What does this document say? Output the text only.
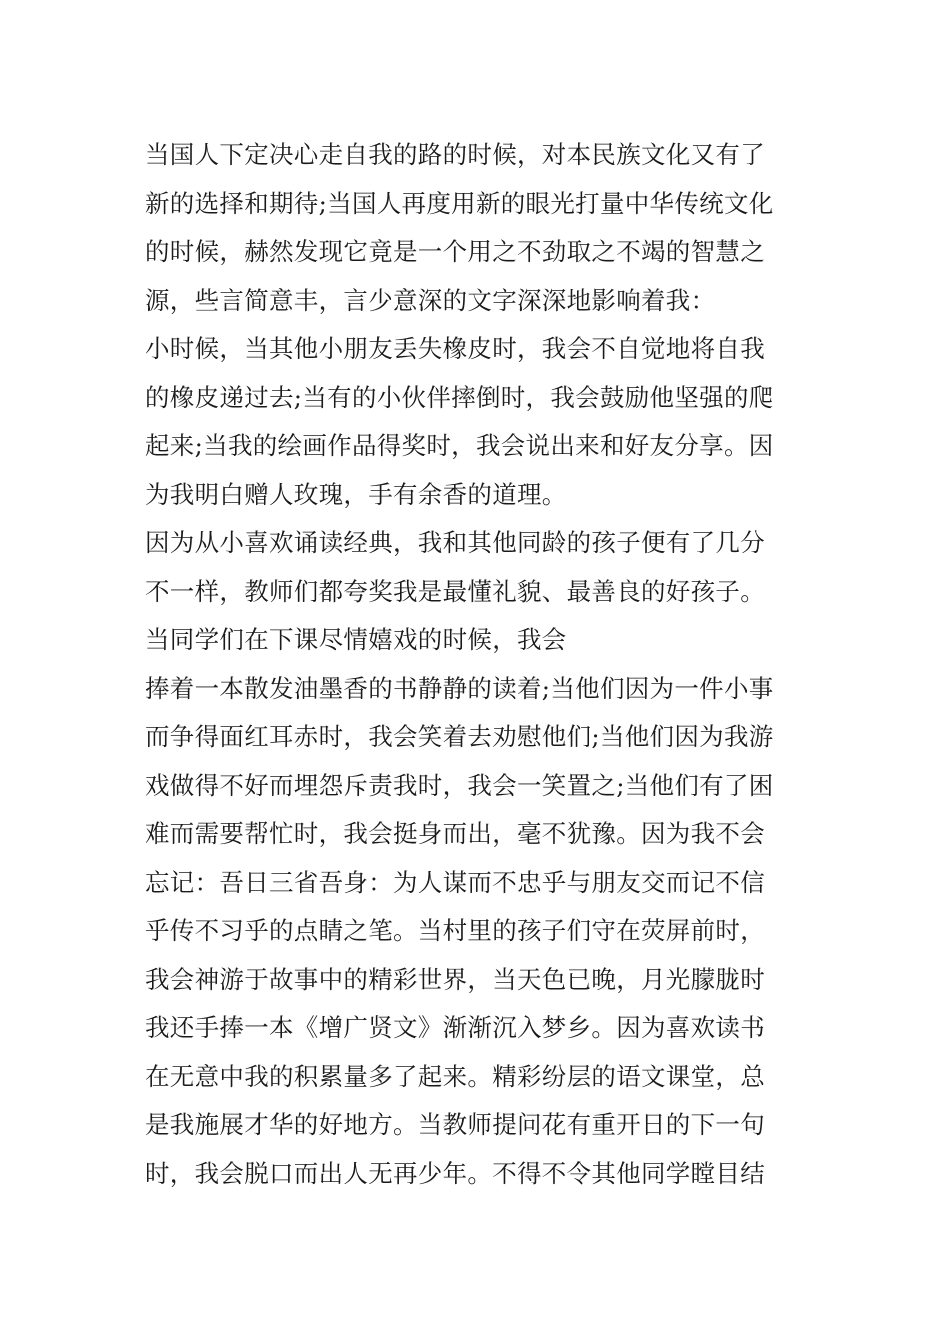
当国人下定决心走自我的路的时候，对本民族文化又有了
新的选择和期待;当国人再度用新的眼光打量中华传统文化
的时候，赫然发现它竟是一个用之不劲取之不竭的智慧之
源，些言简意丰，言少意深的文字深深地影响着我：
小时候，当其他小朋友丢失橡皮时，我会不自觉地将自我
的橡皮递过去;当有的小伙伴摔倒时，我会鼓励他坚强的爬
起来;当我的绘画作品得奖时，我会说出来和好友分享。因
为我明白赠人玫瑰，手有余香的道理。
因为从小喜欢诵读经典，我和其他同龄的孩子便有了几分
不一样，教师们都夸奖我是最懂礼貌、最善良的好孩子。
当同学们在下课尽情嬉戏的时候，我会
捧着一本散发油墨香的书静静的读着;当他们因为一件小事
而争得面红耳赤时，我会笑着去劝慰他们;当他们因为我游
戏做得不好而埋怨斥责我时，我会一笑置之;当他们有了困
难而需要帮忙时，我会挺身而出，毫不犹豫。因为我不会
忘记：吾日三省吾身：为人谋而不忠乎与朋友交而记不信
乎传不习乎的点睛之笔。当村里的孩子们守在荧屏前时，
我会神游于故事中的精彩世界，当天色已晚，月光朦胧时
我还手捧一本《增广贤文》渐渐沉入梦乡。因为喜欢读书
在无意中我的积累量多了起来。精彩纷层的语文课堂，总
是我施展才华的好地方。当教师提问花有重开日的下一句
时，我会脱口而出人无再少年。不得不令其他同学瞠目结
